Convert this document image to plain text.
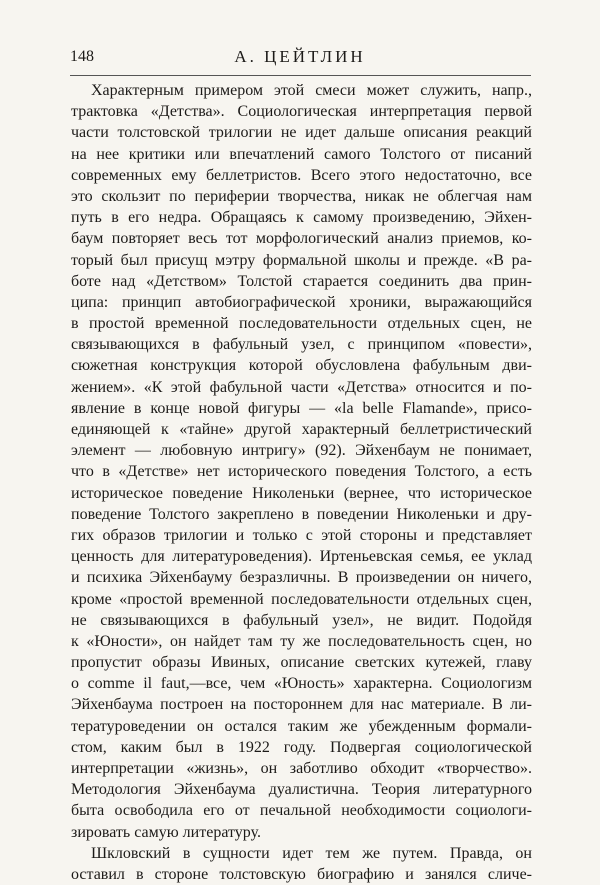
148	А. ЦЕЙТЛИН
Характерным примером этой смеси может служить, напр.,
трактовка «Детства». Социологическая интерпретация первой
части толстовской трилогии не идет дальше описания реакций
на нее критики или впечатлений самого Толстого от писаний
современных ему беллетристов. Всего этого недостаточно, все
это скользит по периферии творчества, никак не облегчая нам
путь в его недра. Обращаясь к самому произведению, Эйхен-
баум повторяет весь тот морфологический анализ приемов, ко-
торый был присущ мэтру формальной школы и прежде. «В ра-
боте над «Детством» Толстой старается соединить два прин-
ципа: принцип автобиографической хроники, выражающийся
в простой временной последовательности отдельных сцен, не
связывающихся в фабульный узел, с принципом «повести»,
сюжетная конструкция которой обусловлена фабульным дви-
жением». «К этой фабульной части «Детства» относится и по-
явление в конце новой фигуры — «la belle Flamande», присо-
единяющей к «тайне» другой характерный беллетристический
элемент — любовную интригу» (92). Эйхенбаум не понимает,
что в «Детстве» нет исторического поведения Толстого, а есть
историческое поведение Николеньки (вернее, что историческое
поведение Толстого закреплено в поведении Николеньки и дру-
гих образов трилогии и только с этой стороны и представляет
ценность для литературоведения). Иртеньевская семья, ее уклад
и психика Эйхенбауму безразличны. В произведении он ничего,
кроме «простой временной последовательности отдельных сцен,
не связывающихся в фабульный узел», не видит. Подойдя
к «Юности», он найдет там ту же последовательность сцен, но
пропустит образы Ивиных, описание светских кутежей, главу
о comme il faut,—все, чем «Юность» характерна. Социологизм
Эйхенбаума построен на постороннем для нас материале. В ли-
тературоведении он остался таким же убежденным формали-
стом, каким был в 1922 году. Подвергая социологической
интерпретации «жизнь», он заботливо обходит «творчество».
Методология Эйхенбаума дуалистична. Теория литературного
быта освободила его от печальной необходимости социологи-
зировать самую литературу.
Шкловский в сущности идет тем же путем. Правда, он
оставил в стороне толстовскую биографию и занялся сличе-
